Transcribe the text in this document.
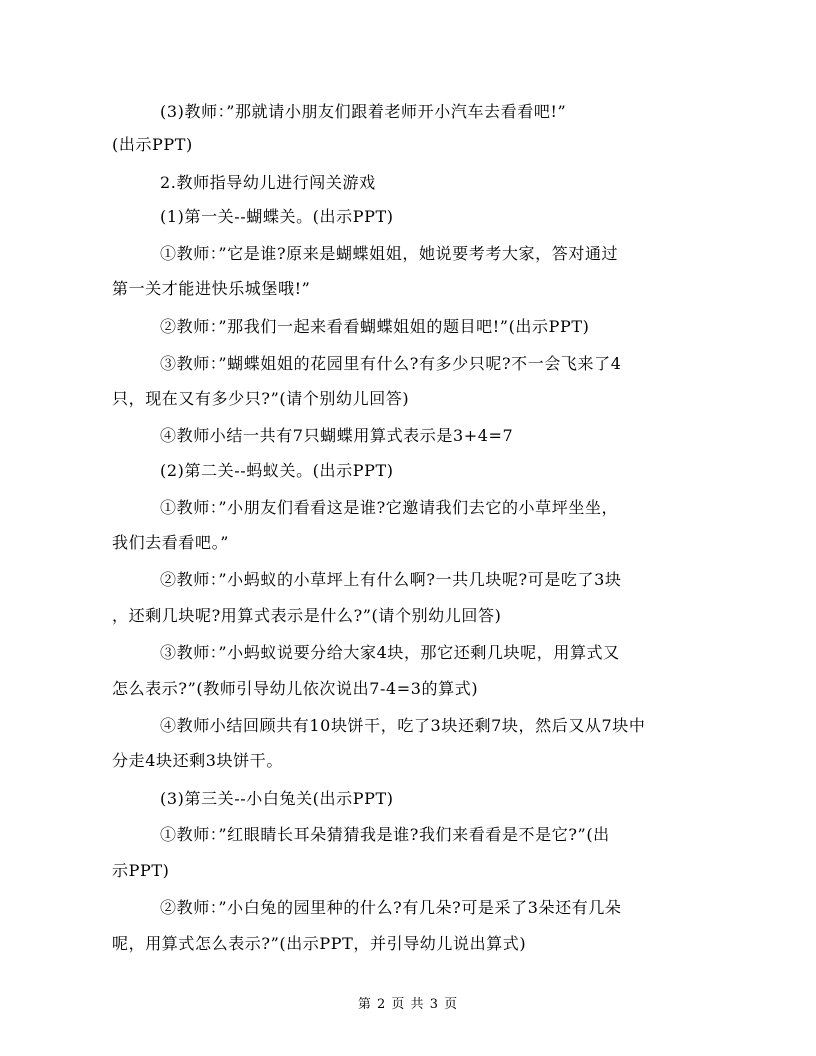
(3)教师：”那就请小朋友们跟着老师开小汽车去看看吧!”
(出示PPT)
2.教师指导幼儿进行闯关游戏
(1)第一关--蝴蝶关。(出示PPT)
①教师：”它是谁?原来是蝴蝶姐姐，她说要考考大家，答对通过
第一关才能进快乐城堡哦!”
②教师：”那我们一起来看看蝴蝶姐姐的题目吧!”(出示PPT)
③教师：”蝴蝶姐姐的花园里有什么?有多少只呢?不一会飞来了4
只，现在又有多少只?”(请个别幼儿回答)
④教师小结一共有7只蝴蝶用算式表示是3+4=7
(2)第二关--蚂蚁关。(出示PPT)
①教师：”小朋友们看看这是谁?它邀请我们去它的小草坪坐坐，
我们去看看吧。”
②教师：”小蚂蚁的小草坪上有什么啊?一共几块呢?可是吃了3块
，还剩几块呢?用算式表示是什么?”(请个别幼儿回答)
③教师：”小蚂蚁说要分给大家4块，那它还剩几块呢，用算式又
怎么表示?”(教师引导幼儿依次说出7-4=3的算式)
④教师小结回顾共有10块饼干，吃了3块还剩7块，然后又从7块中
分走4块还剩3块饼干。
(3)第三关--小白兔关(出示PPT)
①教师：”红眼睛长耳朵猜猜我是谁?我们来看看是不是它?”(出
示PPT)
②教师：”小白兔的园里种的什么?有几朵?可是采了3朵还有几朵
呢，用算式怎么表示?”(出示PPT，并引导幼儿说出算式)
第 2 页 共 3 页
